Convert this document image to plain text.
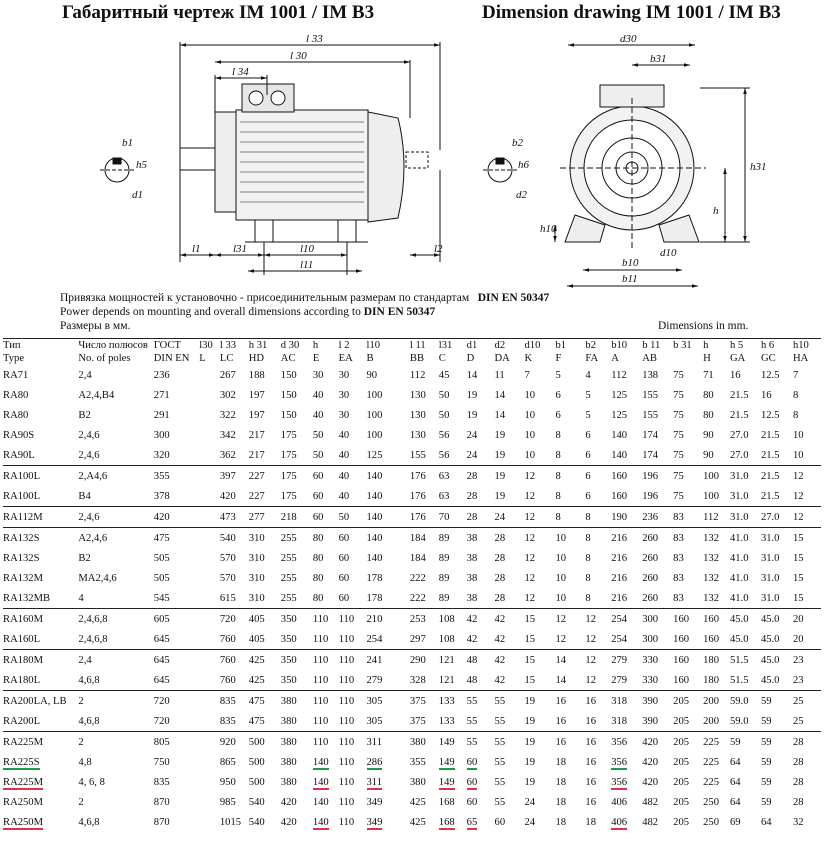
Габаритный чертеж IM 1001 / IM B3	Dimension drawing IM 1001 / IM B3
l 33
l 30
l 34
b1
h5
d1
l1	l31	l10
l11
l2
b2
h6
d2
d30
b31
h31
h
h10
b10
d10
b11
Привязка мощностей к установочно - присоединительным размерам по стандартам DIN EN 50347
Power depends on mounting and overall dimensions according to DIN EN 50347
Размеры в мм.	Dimensions in mm.
Тип	Число полюсов	ГОСТ	l30	l 33	h 31	d 30	h	l 2	l10	l 11	l31	d1	d2	d10	b1	b2	b10	b 11	b 31	h	h 5	h 6	h10
Type	No. of poles	DIN EN	L	LC	HD	AC	E	EA	B	BB	C	D	DA	K	F	FA	A	AB		H	GA	GC	HA
RA71	2,4	236		267	188	150	30	30	90	112	45	14	11	7	5	4	112	138	75	71	16	12.5	7
RA80	A2,4,B4	271		302	197	150	40	30	100	130	50	19	14	10	6	5	125	155	75	80	21.5	16	8
RA80	B2	291		322	197	150	40	30	100	130	50	19	14	10	6	5	125	155	75	80	21.5	12.5	8
RA90S	2,4,6	300		342	217	175	50	40	100	130	56	24	19	10	8	6	140	174	75	90	27.0	21.5	10
RA90L	2,4,6	320		362	217	175	50	40	125	155	56	24	19	10	8	6	140	174	75	90	27.0	21.5	10
RA100L	2,A4,6	355		397	227	175	60	40	140	176	63	28	19	12	8	6	160	196	75	100	31.0	21.5	12
RA100L	B4	378		420	227	175	60	40	140	176	63	28	19	12	8	6	160	196	75	100	31.0	21.5	12
RA112M	2,4,6	420		473	277	218	60	50	140	176	70	28	24	12	8	8	190	236	83	112	31.0	27.0	12
RA132S	A2,4,6	475		540	310	255	80	60	140	184	89	38	28	12	10	8	216	260	83	132	41.0	31.0	15
RA132S	B2	505		570	310	255	80	60	140	184	89	38	28	12	10	8	216	260	83	132	41.0	31.0	15
RA132M	MA2,4,6	505		570	310	255	80	60	178	222	89	38	28	12	10	8	216	260	83	132	41.0	31.0	15
RA132MB	4	545		615	310	255	80	60	178	222	89	38	28	12	10	8	216	260	83	132	41.0	31.0	15
RA160M	2,4,6,8	605		720	405	350	110	110	210	253	108	42	42	15	12	12	254	300	160	160	45.0	45.0	20
RA160L	2,4,6,8	645		760	405	350	110	110	254	297	108	42	42	15	12	12	254	300	160	160	45.0	45.0	20
RA180M	2,4	645		760	425	350	110	110	241	290	121	48	42	15	14	12	279	330	160	180	51.5	45.0	23
RA180L	4,6,8	645		760	425	350	110	110	279	328	121	48	42	15	14	12	279	330	160	180	51.5	45.0	23
RA200LA, LB	2	720		835	475	380	110	110	305	375	133	55	55	19	16	16	318	390	205	200	59.0	59	25
RA200L	4,6,8	720		835	475	380	110	110	305	375	133	55	55	19	16	16	318	390	205	200	59.0	59	25
RA225M	2	805		920	500	380	110	110	311	380	149	55	55	19	16	16	356	420	205	225	59	59	28
RA225S	4,8	750		865	500	380	140	110	286	355	149	60	55	19	18	16	356	420	205	225	64	59	28
RA225M	4, 6, 8	835		950	500	380	140	110	311	380	149	60	55	19	18	16	356	420	205	225	64	59	28
RA250M	2	870		985	540	420	140	110	349	425	168	60	55	24	18	16	406	482	205	250	64	59	28
RA250M	4,6,8	870		1015	540	420	140	110	349	425	168	65	60	24	18	18	406	482	205	250	69	64	32
